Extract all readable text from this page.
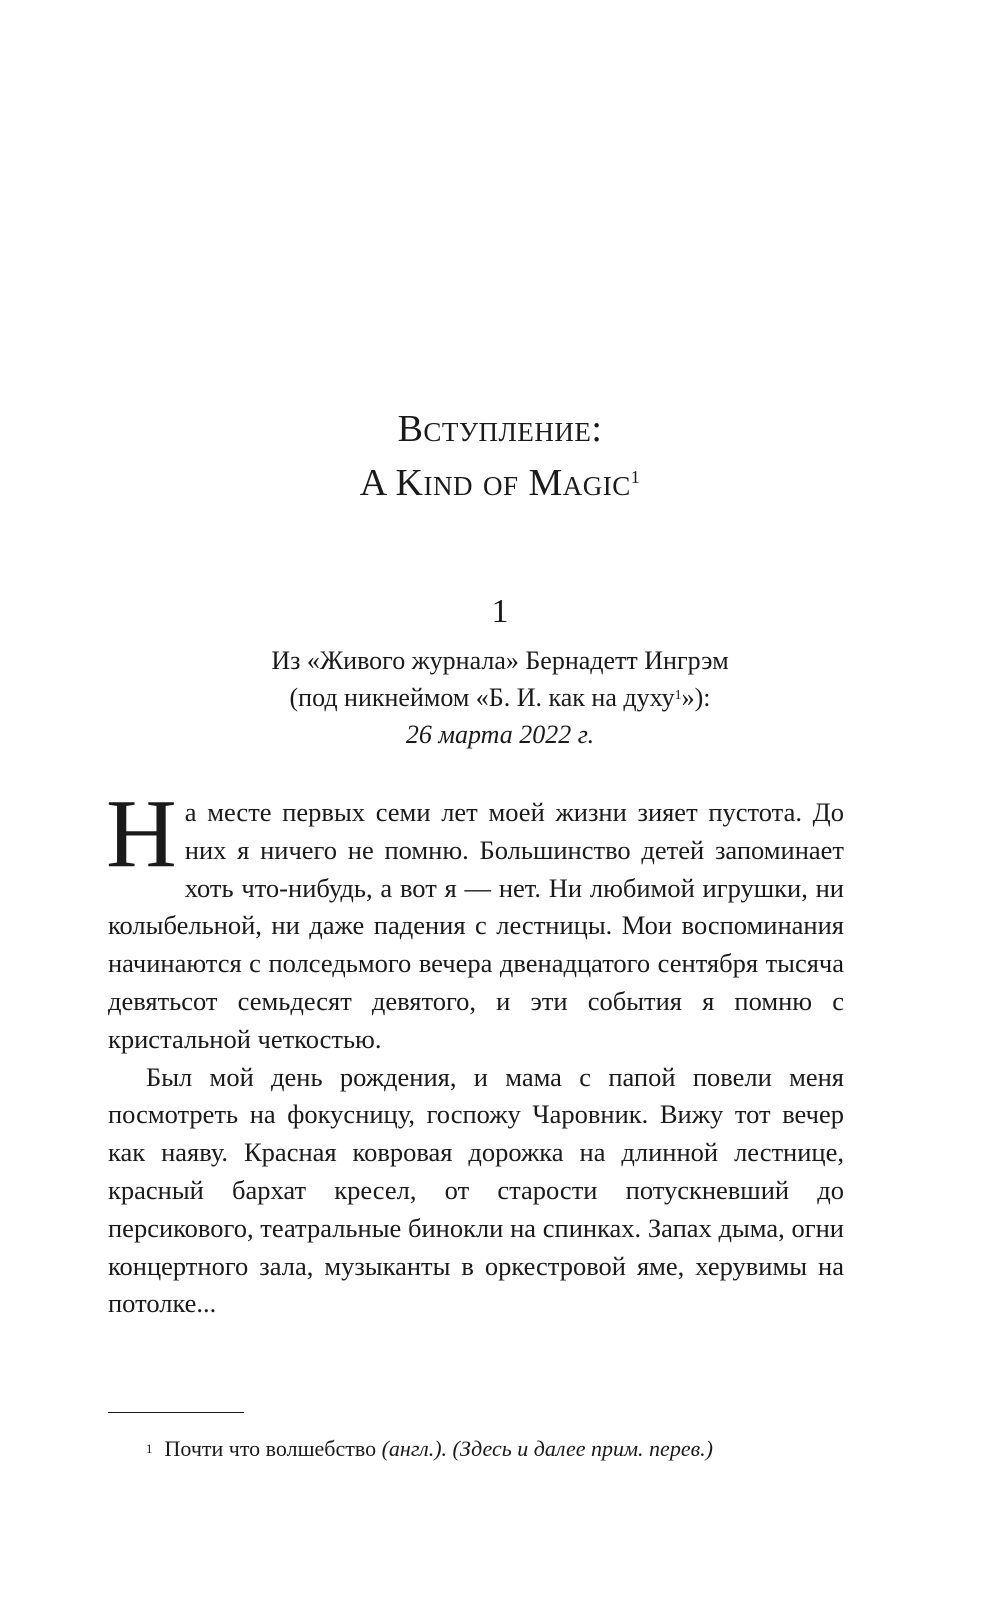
Вступление:
A Kind of Magic$^1$
1
Из «Живого журнала» Бернадетт Ингрэм
(под никнеймом «Б. И. как на духу$^1$»):
26 марта 2022 г.

На месте первых семи лет моей жизни зияет пустота. До них я ничего не помню. Большинство детей запоминает хоть что-нибудь, а вот я — нет. Ни любимой игрушки, ни колыбельной, ни даже падения с лестницы. Мои воспоминания начинаются с полседьмого вечера двенадцатого сентября тысяча девятьсот семьдесят девятого, и эти события я помню с кристальной четкостью.

Был мой день рождения, и мама с папой повели меня посмотреть на фокусницу, госпожу Чаровник. Вижу тот вечер как наяву. Красная ковровая дорожка на длинной лестнице, красный бархат кресел, от старости потускневший до персикового, театральные бинокли на спинках. Запах дыма, огни концертного зала, музыканты в оркестровой яме, херувимы на потолке...

$^1$ Почти что волшебство (англ.). (Здесь и далее прим. перев.)
